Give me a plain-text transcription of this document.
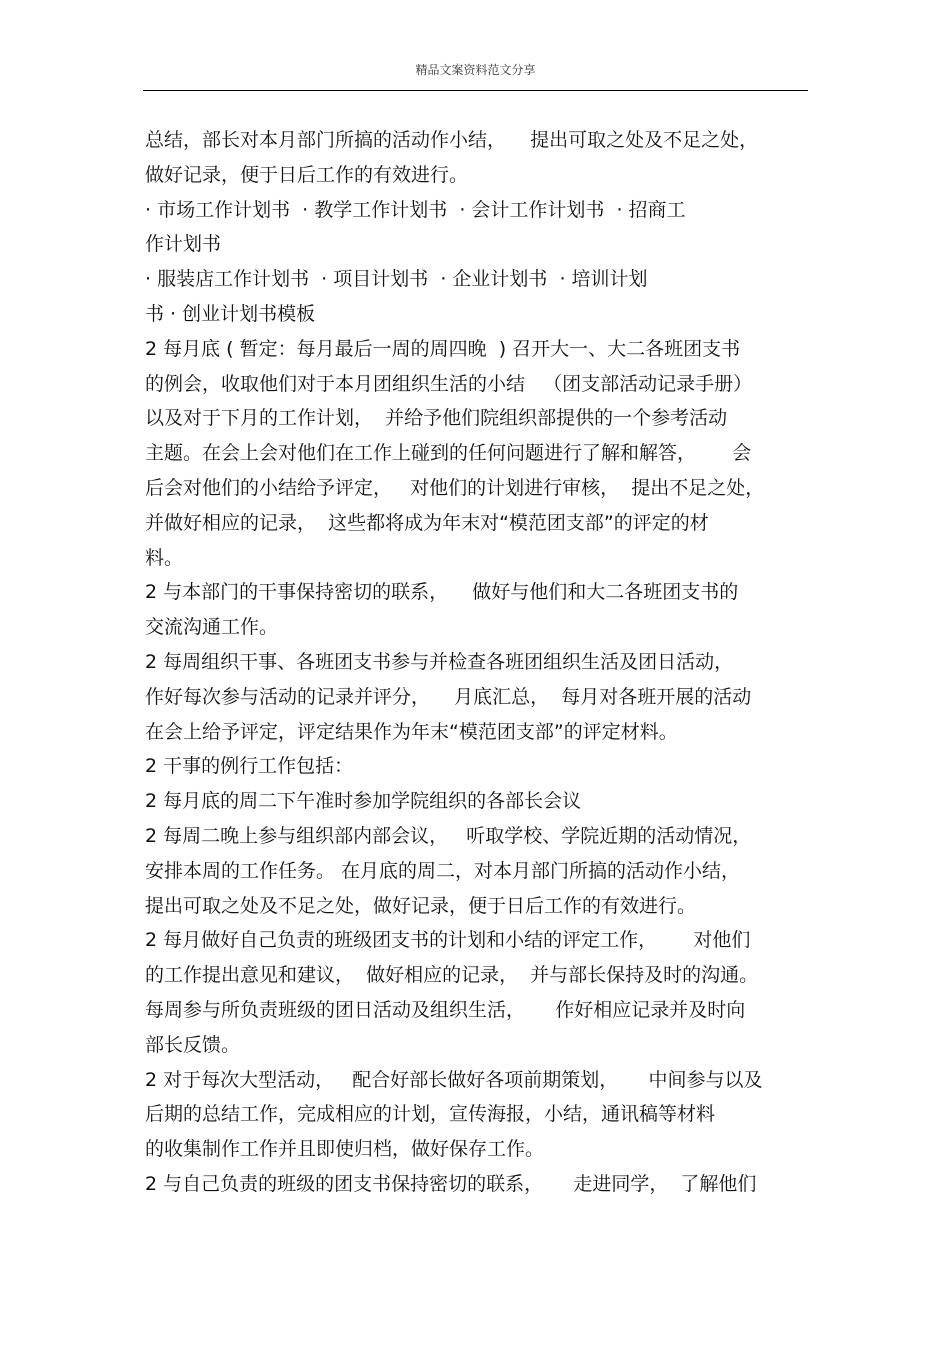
精品文案资料范文分享
总结，部长对本月部门所搞的活动作小结，    提出可取之处及不足之处，
做好记录，便于日后工作的有效进行。
· 市场工作计划书  · 教学工作计划书  · 会计工作计划书  · 招商工
作计划书
· 服装店工作计划书  · 项目计划书  · 企业计划书  · 培训计划
书 · 创业计划书模板
2 每月底 ( 暂定：每月最后一周的周四晚  ) 召开大一、大二各班团支书
的例会，收取他们对于本月团组织生活的小结   （团支部活动记录手册）
以及对于下月的工作计划，  并给予他们院组织部提供的一个参考活动
主题。在会上会对他们在工作上碰到的任何问题进行了解和解答，      会
后会对他们的小结给予评定，   对他们的计划进行审核，  提出不足之处，
并做好相应的记录，  这些都将成为年末对“模范团支部”的评定的材
料。
2 与本部门的干事保持密切的联系，    做好与他们和大二各班团支书的
交流沟通工作。
2 每周组织干事、各班团支书参与并检查各班团组织生活及团日活动，
作好每次参与活动的记录并评分，    月底汇总，  每月对各班开展的活动
在会上给予评定，评定结果作为年末“模范团支部”的评定材料。
2 干事的例行工作包括：
2 每月底的周二下午准时参加学院组织的各部长会议
2 每周二晚上参与组织部内部会议，   听取学校、学院近期的活动情况，
安排本周的工作任务。 在月底的周二，对本月部门所搞的活动作小结，
提出可取之处及不足之处，做好记录，便于日后工作的有效进行。
2 每月做好自己负责的班级团支书的计划和小结的评定工作，      对他们
的工作提出意见和建议，  做好相应的记录，  并与部长保持及时的沟通。
每周参与所负责班级的团日活动及组织生活，     作好相应记录并及时向
部长反馈。
2 对于每次大型活动，   配合好部长做好各项前期策划，     中间参与以及
后期的总结工作，完成相应的计划，宣传海报，小结，通讯稿等材料
的收集制作工作并且即使归档，做好保存工作。
2 与自己负责的班级的团支书保持密切的联系，     走进同学，  了解他们
